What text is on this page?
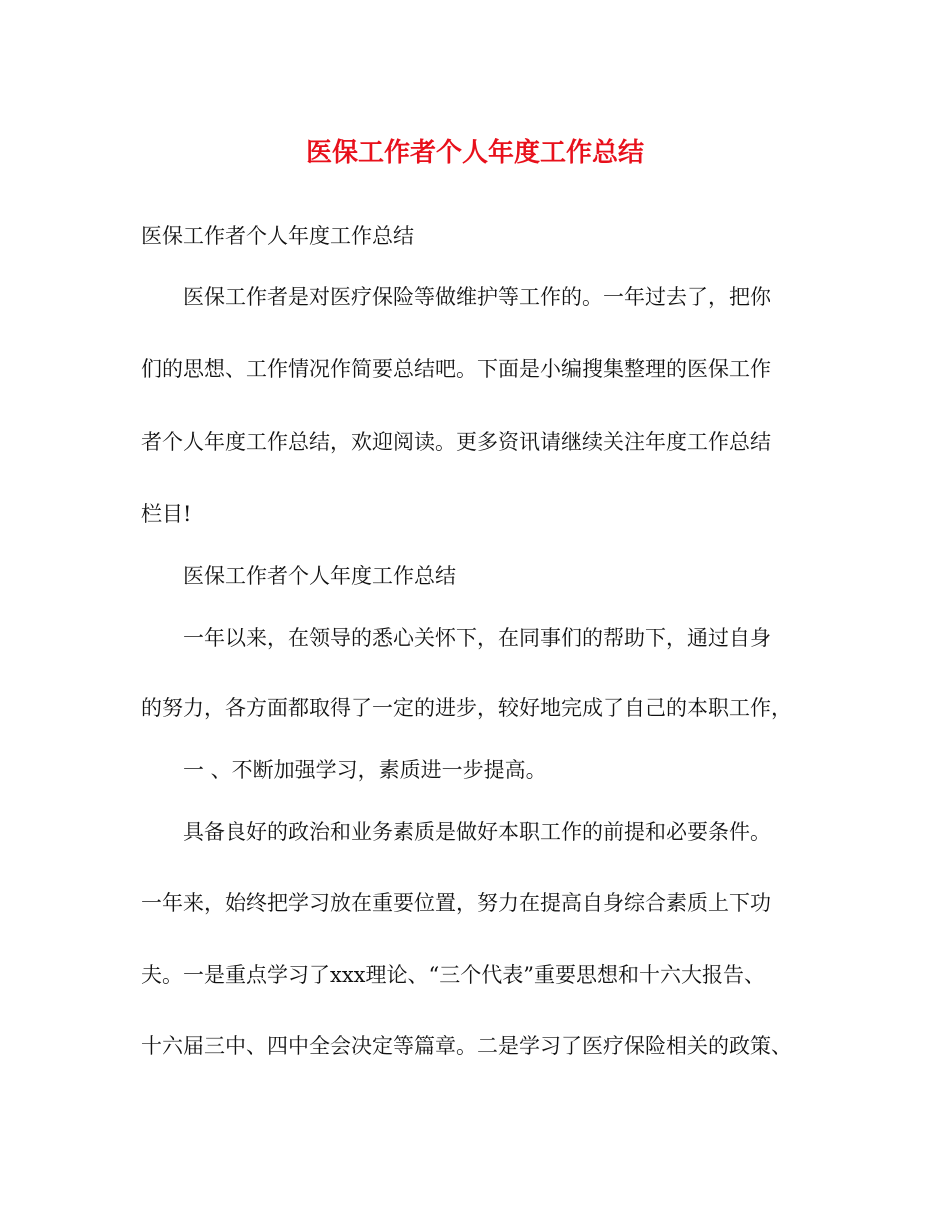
医保工作者个人年度工作总结
医保工作者个人年度工作总结
医保工作者是对医疗保险等做维护等工作的。一年过去了，把你
们的思想、工作情况作简要总结吧。下面是小编搜集整理的医保工作
者个人年度工作总结，欢迎阅读。更多资讯请继续关注年度工作总结
栏目!
医保工作者个人年度工作总结
一年以来，在领导的悉心关怀下，在同事们的帮助下，通过自身
的努力，各方面都取得了一定的进步，较好地完成了自己的本职工作，
一 、不断加强学习，素质进一步提高。
具备良好的政治和业务素质是做好本职工作的前提和必要条件。
一年来，始终把学习放在重要位置，努力在提高自身综合素质上下功
夫。一是重点学习了xxx理论、“三个代表”重要思想和十六大报告、
十六届三中、四中全会决定等篇章。二是学习了医疗保险相关的政策、
